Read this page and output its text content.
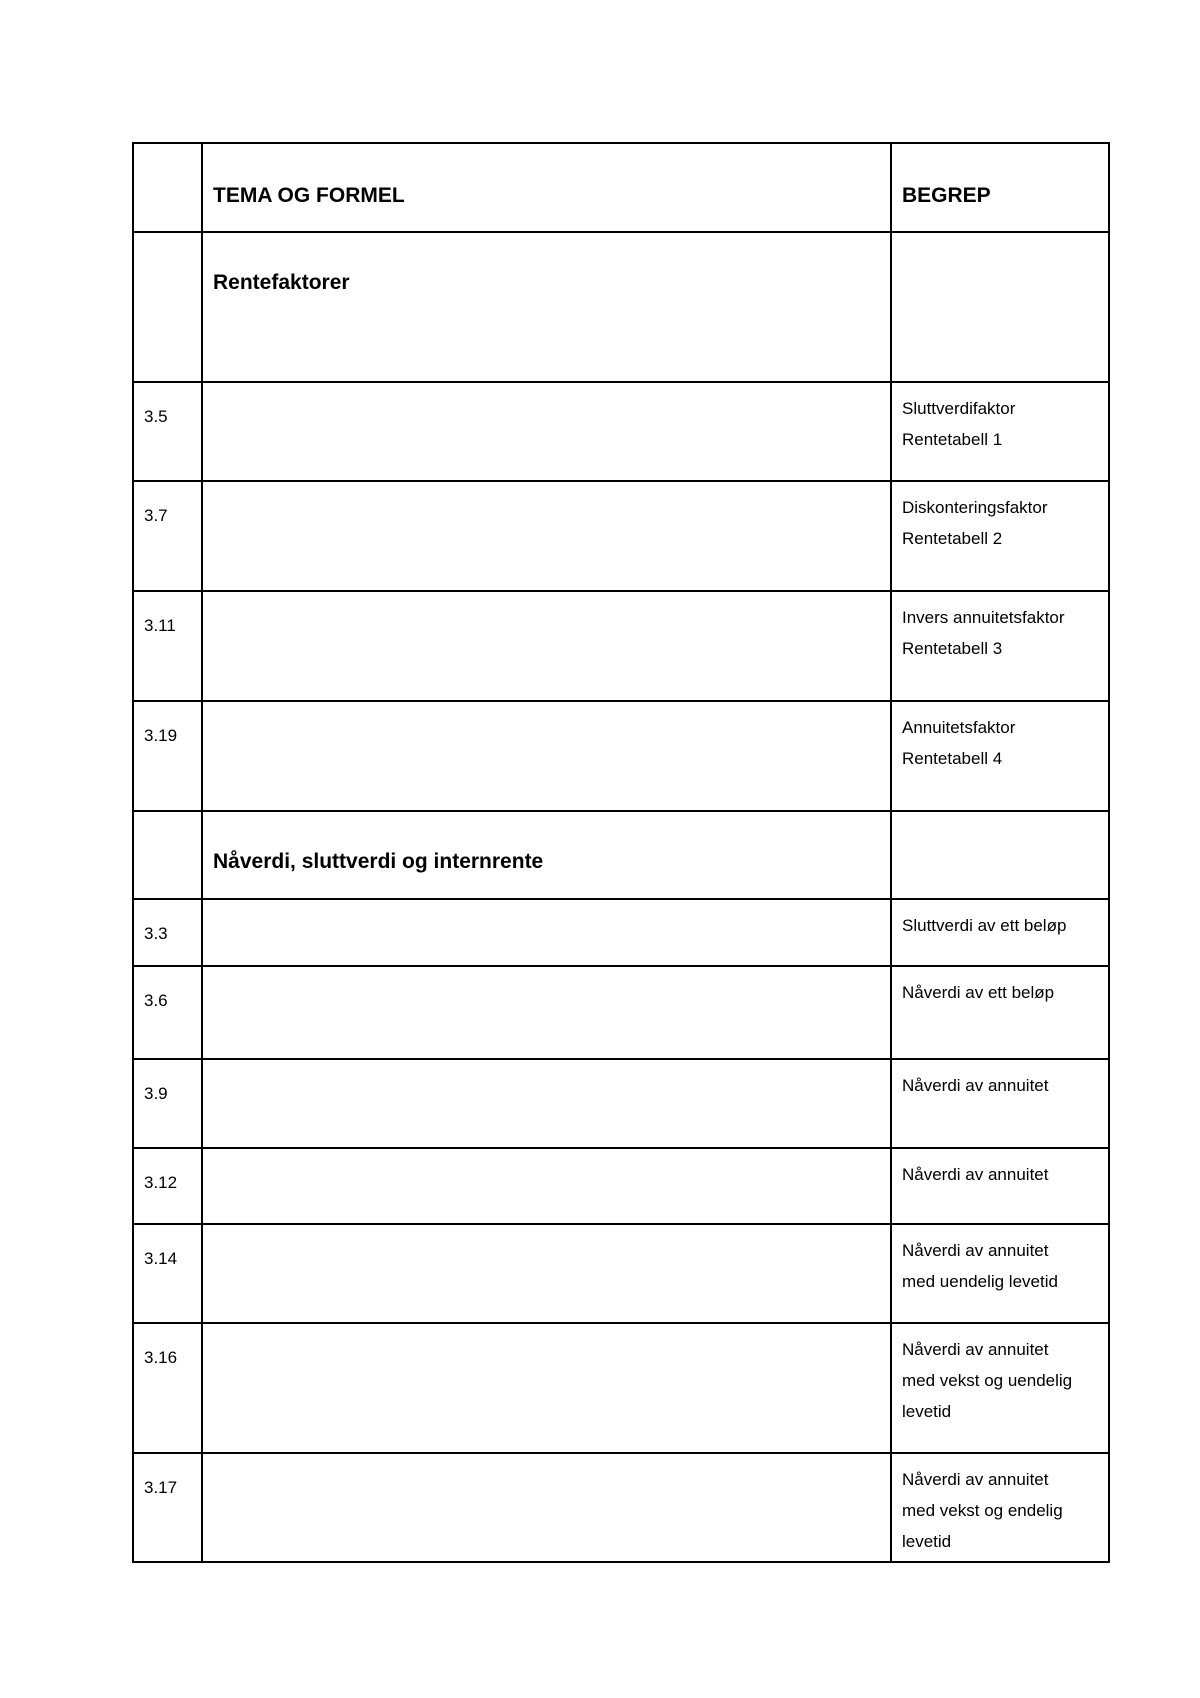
	TEMA OG FORMEL	BEGREP

	Rentefaktorer	

3.5		Sluttverdifaktor
Rentetabell 1

3.7		Diskonteringsfaktor
Rentetabell 2

3.11		Invers annuitetsfaktor
Rentetabell 3

3.19		Annuitetsfaktor
Rentetabell 4

	Nåverdi, sluttverdi og internrente	

3.3		Sluttverdi av ett beløp

3.6		Nåverdi av ett beløp

3.9		Nåverdi av annuitet

3.12		Nåverdi av annuitet

3.14		Nåverdi av annuitet
med uendelig levetid

3.16		Nåverdi av annuitet
med vekst og uendelig
levetid

3.17		Nåverdi av annuitet
med vekst og endelig
levetid
